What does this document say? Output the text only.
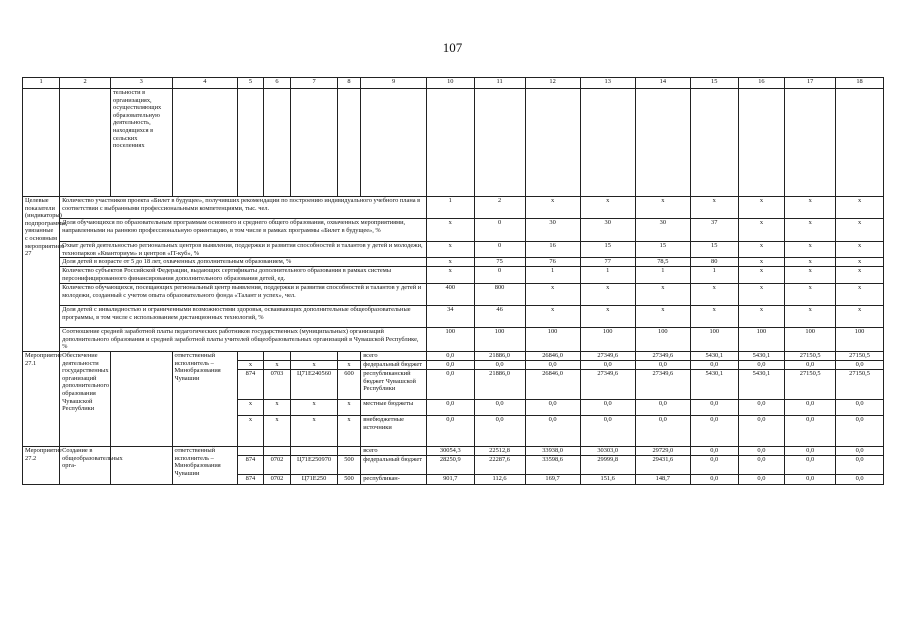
107
1	2	3	4	5	6	7	8	9	10	11	12	13	14	15	16	17	18
		тельности в организациях, осуществляющих образовательную деятельность, находящихся в сельских поселениях															
Целевые показатели (индикаторы) подпрограммы, увязанные с основным мероприятием 27	Количество участников проекта «Билет в будущее», получивших рекомендации по построению индивидуального учебного плана в соответствии с выбранными профессиональными компетенциями, тыс. чел.								1	2	x	x	x	x	x	x	x
	Доля обучающихся по образовательным программам основного и среднего общего образования, охваченных мероприятиями, направленными на раннюю профессиональную ориентацию, в том числе в рамках программы «Билет в будущее», %								x	0	30	30	30	37	x	x	x
	Охват детей деятельностью региональных центров выявления, поддержки и развития способностей и талантов у детей и молодежи, технопарков «Кванториум» и центров «IT-куб», %								x	0	16	15	15	15	x	x	x
	Доля детей в возрасте от 5 до 18 лет, охваченных дополнительным образованием, %								x	75	76	77	78,5	80	x	x	x
	Количество субъектов Российской Федерации, выдающих сертификаты дополнительного образования в рамках системы персонифицированного финансирования дополнительного образования детей, ед.								x	0	1	1	1	1	x	x	x
	Количество обучающихся, посещающих региональный центр выявления, поддержки и развития способностей и талантов у детей и молодежи, созданный с учетом опыта образовательного фонда «Талант и успех», чел.								400	800	x	x	x	x	x	x	x
	Доля детей с инвалидностью и ограниченными возможностями здоровья, осваивающих дополнительные общеобразовательные программы, в том числе с использованием дистанционных технологий, %								34	46	x	x	x	x	x	x	x
	Соотношение средней заработной платы педагогических работников государственных (муниципальных) организаций дополнительного образования и средней заработной платы учителей общеобразовательных организаций в Чувашской Республике, %								100	100	100	100	100	100	100	100	100
Мероприятие 27.1	Обеспечение деятельности государственных организаций дополнительного образования Чувашской Республики		ответственный исполнитель – Минобразования Чувашии					всего	0,0	21886,0	26846,0	27349,6	27349,6	5430,1	5430,1	27150,5	27150,5
				x	x	x	x	федеральный бюджет	0,0	0,0	0,0	0,0	0,0	0,0	0,0	0,0	0,0
				874	0703	Ц71Е240560	600	республиканский бюджет Чувашской Республики	0,0	21886,0	26846,0	27349,6	27349,6	5430,1	5430,1	27150,5	27150,5
				x	x	x	x	местные бюджеты	0,0	0,0	0,0	0,0	0,0	0,0	0,0	0,0	0,0
				x	x	x	x	внебюджетные источники	0,0	0,0	0,0	0,0	0,0	0,0	0,0	0,0	0,0
Мероприятие 27.2	Создание в общеобразовательных орга-		ответственный исполнитель – Минобразования Чувашии					всего	30054,3	22512,8	33938,0	30303,0	29729,0	0,0	0,0	0,0	0,0
				874	0702	Ц71Е250970	500	федеральный бюджет	28250,9	22287,6	33598,6	29999,8	29431,6	0,0	0,0	0,0	0,0
				874	0702	Ц71Е250	500	республикан-	901,7	112,6	169,7	151,6	148,7	0,0	0,0	0,0	0,0
